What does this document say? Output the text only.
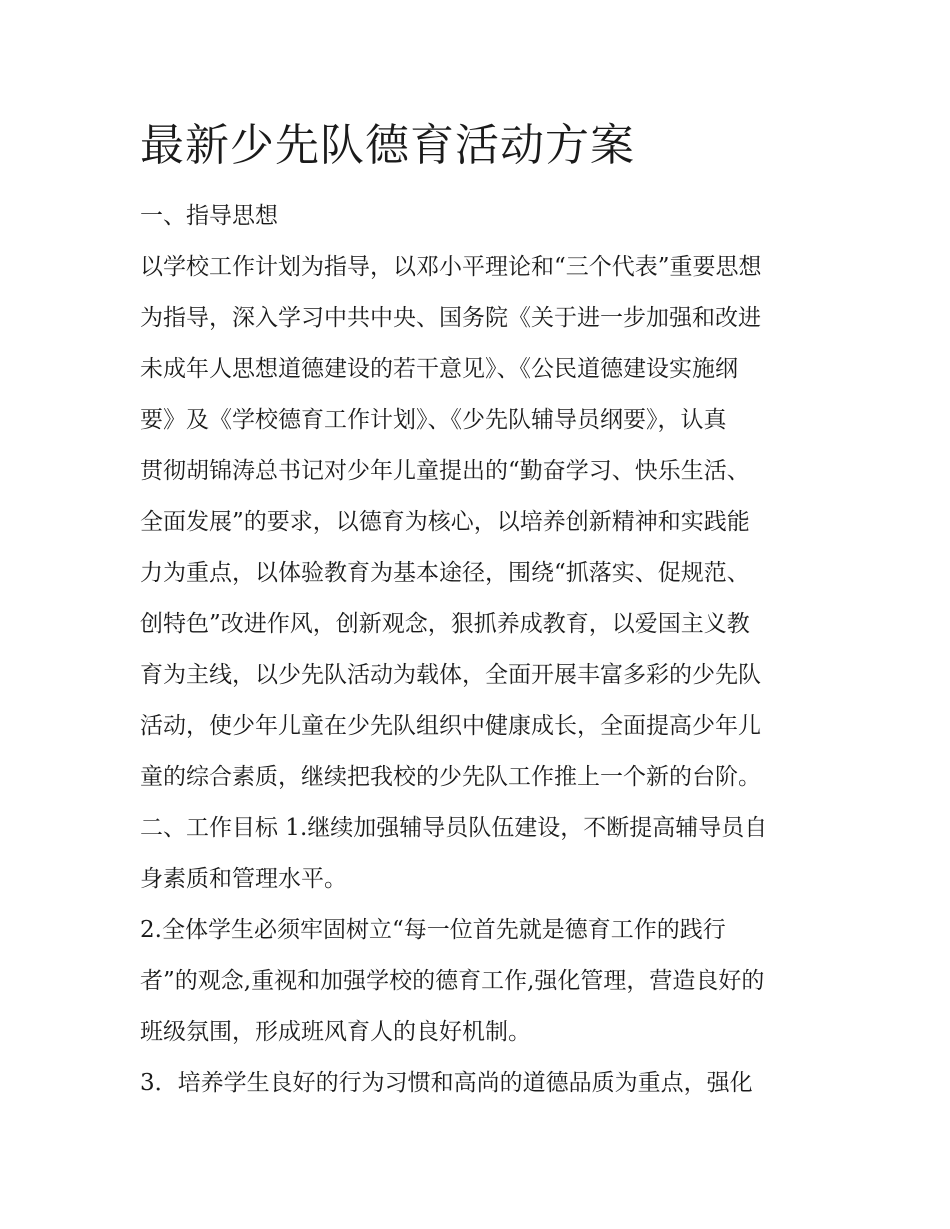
最新少先队德育活动方案
一、指导思想
以学校工作计划为指导，以邓小平理论和“三个代表”重要思想
为指导，深入学习中共中央、国务院《关于进一步加强和改进
未成年人思想道德建设的若干意见》、《公民道德建设实施纲
要》及《学校德育工作计划》、《少先队辅导员纲要》，认真
贯彻胡锦涛总书记对少年儿童提出的“勤奋学习、快乐生活、
全面发展”的要求，以德育为核心，以培养创新精神和实践能
力为重点，以体验教育为基本途径，围绕“抓落实、促规范、
创特色”改进作风，创新观念，狠抓养成教育，以爱国主义教
育为主线，以少先队活动为载体，全面开展丰富多彩的少先队
活动，使少年儿童在少先队组织中健康成长，全面提高少年儿
童的综合素质，继续把我校的少先队工作推上一个新的台阶。
二、工作目标 1.继续加强辅导员队伍建设，不断提高辅导员自
身素质和管理水平。
2.全体学生必须牢固树立“每一位首先就是德育工作的践行
者”的观念,重视和加强学校的德育工作,强化管理，营造良好的
班级氛围，形成班风育人的良好机制。
3．培养学生良好的行为习惯和高尚的道德品质为重点，强化
